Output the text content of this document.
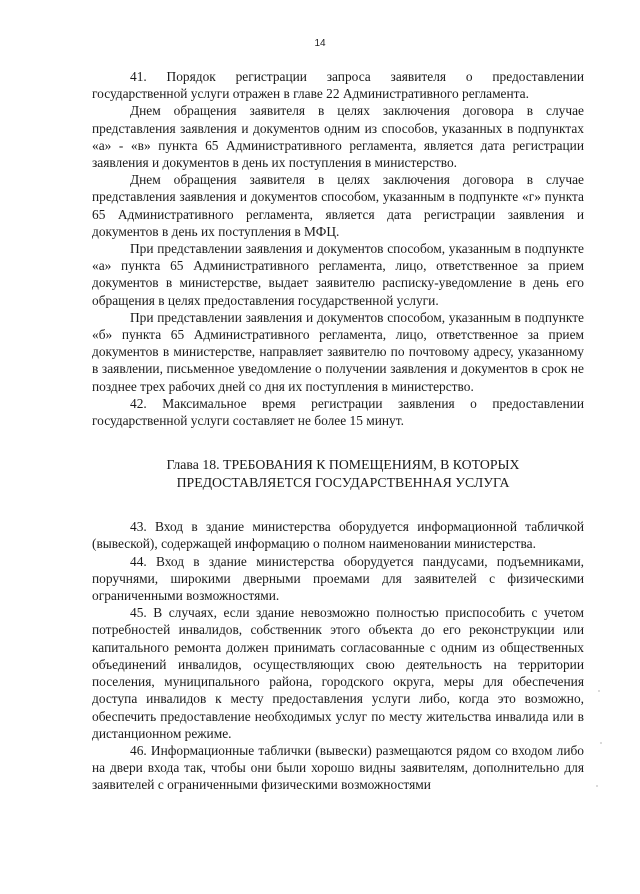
14

41. Порядок регистрации запроса заявителя о предоставлении государственной услуги отражен в главе 22 Административного регламента.

Днем обращения заявителя в целях заключения договора в случае представления заявления и документов одним из способов, указанных в подпунктах «а» - «в» пункта 65 Административного регламента, является дата регистрации заявления и документов в день их поступления в министерство.

Днем обращения заявителя в целях заключения договора в случае представления заявления и документов способом, указанным в подпункте «г» пункта 65 Административного регламента, является дата регистрации заявления и документов в день их поступления в МФЦ.

При представлении заявления и документов способом, указанным в подпункте «а» пункта 65 Административного регламента, лицо, ответственное за прием документов в министерстве, выдает заявителю расписку-уведомление в день его обращения в целях предоставления государственной услуги.

При представлении заявления и документов способом, указанным в подпункте «б» пункта 65 Административного регламента, лицо, ответственное за прием документов в министерстве, направляет заявителю по почтовому адресу, указанному в заявлении, письменное уведомление о получении заявления и документов в срок не позднее трех рабочих дней со дня их поступления в министерство.

42. Максимальное время регистрации заявления о предоставлении государственной услуги составляет не более 15 минут.

Глава 18. ТРЕБОВАНИЯ К ПОМЕЩЕНИЯМ, В КОТОРЫХ

ПРЕДОСТАВЛЯЕТСЯ ГОСУДАРСТВЕННАЯ УСЛУГА

43. Вход в здание министерства оборудуется информационной табличкой (вывеской), содержащей информацию о полном наименовании министерства.

44. Вход в здание министерства оборудуется пандусами, подъемниками, поручнями, широкими дверными проемами для заявителей с физическими ограниченными возможностями.

45. В случаях, если здание невозможно полностью приспособить с учетом потребностей инвалидов, собственник этого объекта до его реконструкции или капитального ремонта должен принимать согласованные с одним из общественных объединений инвалидов, осуществляющих свою деятельность на территории поселения, муниципального района, городского округа, меры для обеспечения доступа инвалидов к месту предоставления услуги либо, когда это возможно, обеспечить предоставление необходимых услуг по месту жительства инвалида или в дистанционном режиме.

46. Информационные таблички (вывески) размещаются рядом со входом либо на двери входа так, чтобы они были хорошо видны заявителям, дополнительно для заявителей с ограниченными физическими возможностями
